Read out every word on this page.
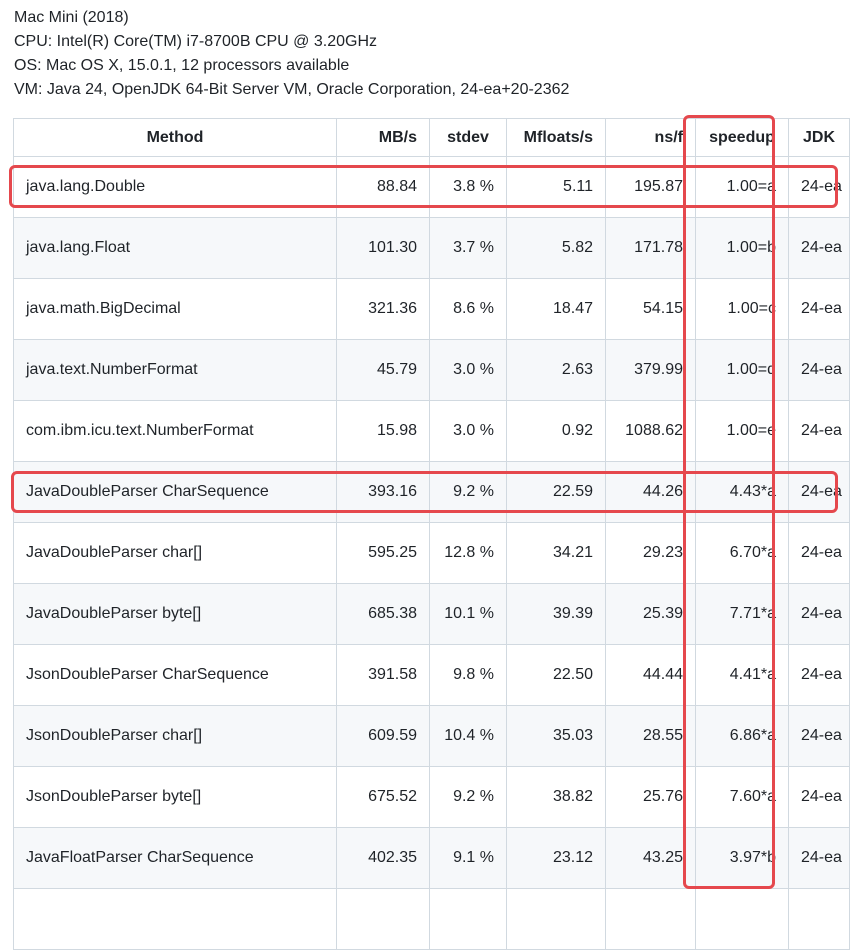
Mac Mini (2018)
CPU: Intel(R) Core(TM) i7-8700B CPU @ 3.20GHz
OS: Mac OS X, 15.0.1, 12 processors available
VM: Java 24, OpenJDK 64-Bit Server VM, Oracle Corporation, 24-ea+20-2362
Method	MB/s	stdev	Mfloats/s	ns/f	speedup	JDK
java.lang.Double	88.84	3.8 %	5.11	195.87	1.00=a	24-ea
java.lang.Float	101.30	3.7 %	5.82	171.78	1.00=b	24-ea
java.math.BigDecimal	321.36	8.6 %	18.47	54.15	1.00=c	24-ea
java.text.NumberFormat	45.79	3.0 %	2.63	379.99	1.00=d	24-ea
com.ibm.icu.text.NumberFormat	15.98	3.0 %	0.92	1088.62	1.00=e	24-ea
JavaDoubleParser CharSequence	393.16	9.2 %	22.59	44.26	4.43*a	24-ea
JavaDoubleParser char[]	595.25	12.8 %	34.21	29.23	6.70*a	24-ea
JavaDoubleParser byte[]	685.38	10.1 %	39.39	25.39	7.71*a	24-ea
JsonDoubleParser CharSequence	391.58	9.8 %	22.50	44.44	4.41*a	24-ea
JsonDoubleParser char[]	609.59	10.4 %	35.03	28.55	6.86*a	24-ea
JsonDoubleParser byte[]	675.52	9.2 %	38.82	25.76	7.60*a	24-ea
JavaFloatParser CharSequence	402.35	9.1 %	23.12	43.25	3.97*b	24-ea
